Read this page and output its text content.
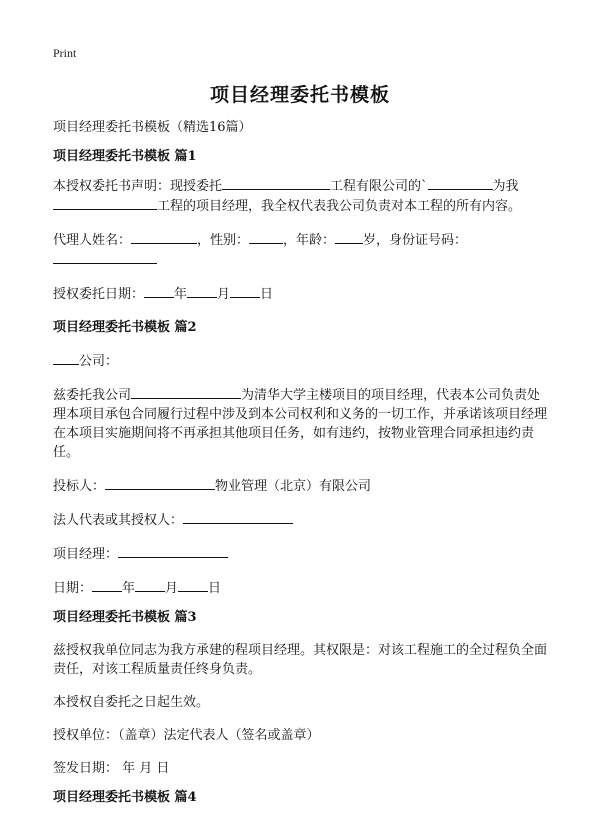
Print
项目经理委托书模板

项目经理委托书模板（精选16篇）

项目经理委托书模板 篇1

本授权委托书声明：现授委托	工程有限公司的`	为我
工程的项目经理，我全权代表我公司负责对本工程的所有内容。

代理人姓名：	，性别：	，年龄： 岁，身份证号码：

授权委托日期： 年 月 日

项目经理委托书模板 篇2

公司：

兹委托我公司	为清华大学主楼项目的项目经理，代表本公司负责处理本项目承包合同履行过程中涉及到本公司权利和义务的一切工作，并承诺该项目经理在本项目实施期间将不再承担其他项目任务，如有违约，按物业管理合同承担违约责任。

投标人：	物业管理（北京）有限公司

法人代表或其授权人：

项目经理：

日期： 年 月 日

项目经理委托书模板 篇3

兹授权我单位同志为我方承建的程项目经理。其权限是：对该工程施工的全过程负全面责任，对该工程质量责任终身负责。

本授权自委托之日起生效。

授权单位：（盖章）法定代表人（签名或盖章）

签发日期： 年 月 日

项目经理委托书模板 篇4
